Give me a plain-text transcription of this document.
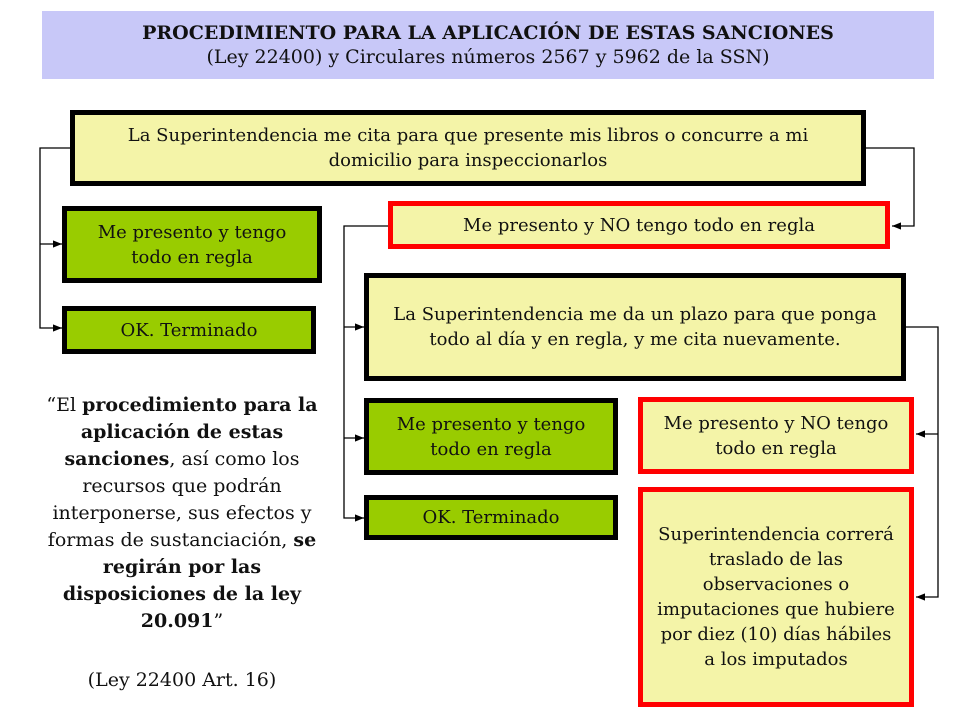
PROCEDIMIENTO PARA LA APLICACIÓN DE ESTAS SANCIONES
(Ley 22400) y Circulares números 2567 y 5962 de la SSN)
La Superintendencia me cita para que presente mis libros o concurre a mi domicilio para inspeccionarlos
Me presento y tengo todo en regla
OK. Terminado
Me presento y NO tengo todo en regla
La Superintendencia me da un plazo para que ponga todo al día y en regla, y me cita nuevamente.
Me presento y tengo todo en regla
OK. Terminado
Me presento y NO tengo todo en regla
Superintendencia correrá traslado de las observaciones o imputaciones que hubiere por diez (10) días hábiles a los imputados
“El procedimiento para la aplicación de estas sanciones, así como los recursos que podrán interponerse, sus efectos y formas de sustanciación, se regirán por las disposiciones de la ley 20.091”
(Ley 22400 Art. 16)
